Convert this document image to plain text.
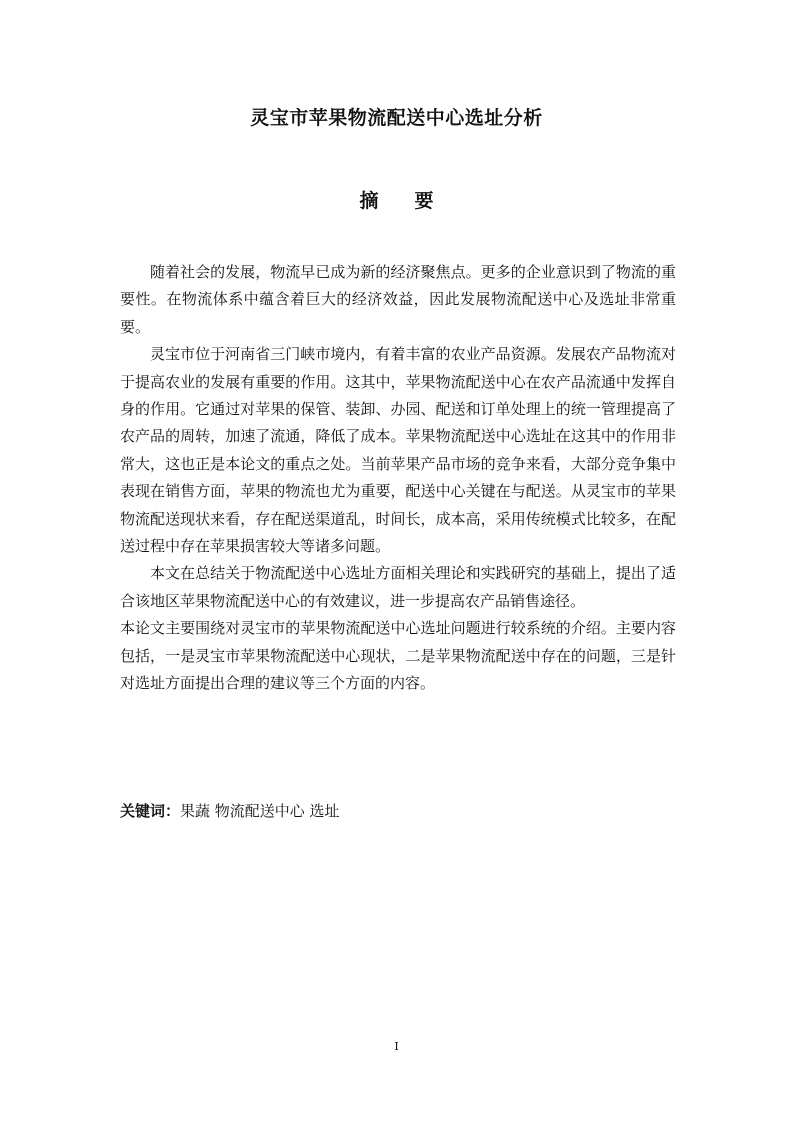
灵宝市苹果物流配送中心选址分析
摘要

随着社会的发展，物流早已成为新的经济聚焦点。更多的企业意识到了物流的重要性。在物流体系中蕴含着巨大的经济效益，因此发展物流配送中心及选址非常重要。

灵宝市位于河南省三门峡市境内，有着丰富的农业产品资源。发展农产品物流对于提高农业的发展有重要的作用。这其中，苹果物流配送中心在农产品流通中发挥自身的作用。它通过对苹果的保管、装卸、办园、配送和订单处理上的统一管理提高了农产品的周转，加速了流通，降低了成本。苹果物流配送中心选址在这其中的作用非常大，这也正是本论文的重点之处。当前苹果产品市场的竞争来看，大部分竞争集中表现在销售方面，苹果的物流也尤为重要，配送中心关键在与配送。从灵宝市的苹果物流配送现状来看，存在配送渠道乱，时间长，成本高，采用传统模式比较多，在配送过程中存在苹果损害较大等诸多问题。

本文在总结关于物流配送中心选址方面相关理论和实践研究的基础上，提出了适合该地区苹果物流配送中心的有效建议，进一步提高农产品销售途径。

本论文主要围绕对灵宝市的苹果物流配送中心选址问题进行较系统的介绍。主要内容包括，一是灵宝市苹果物流配送中心现状，二是苹果物流配送中存在的问题，三是针对选址方面提出合理的建议等三个方面的内容。

关键词：果蔬 物流配送中心 选址

I
